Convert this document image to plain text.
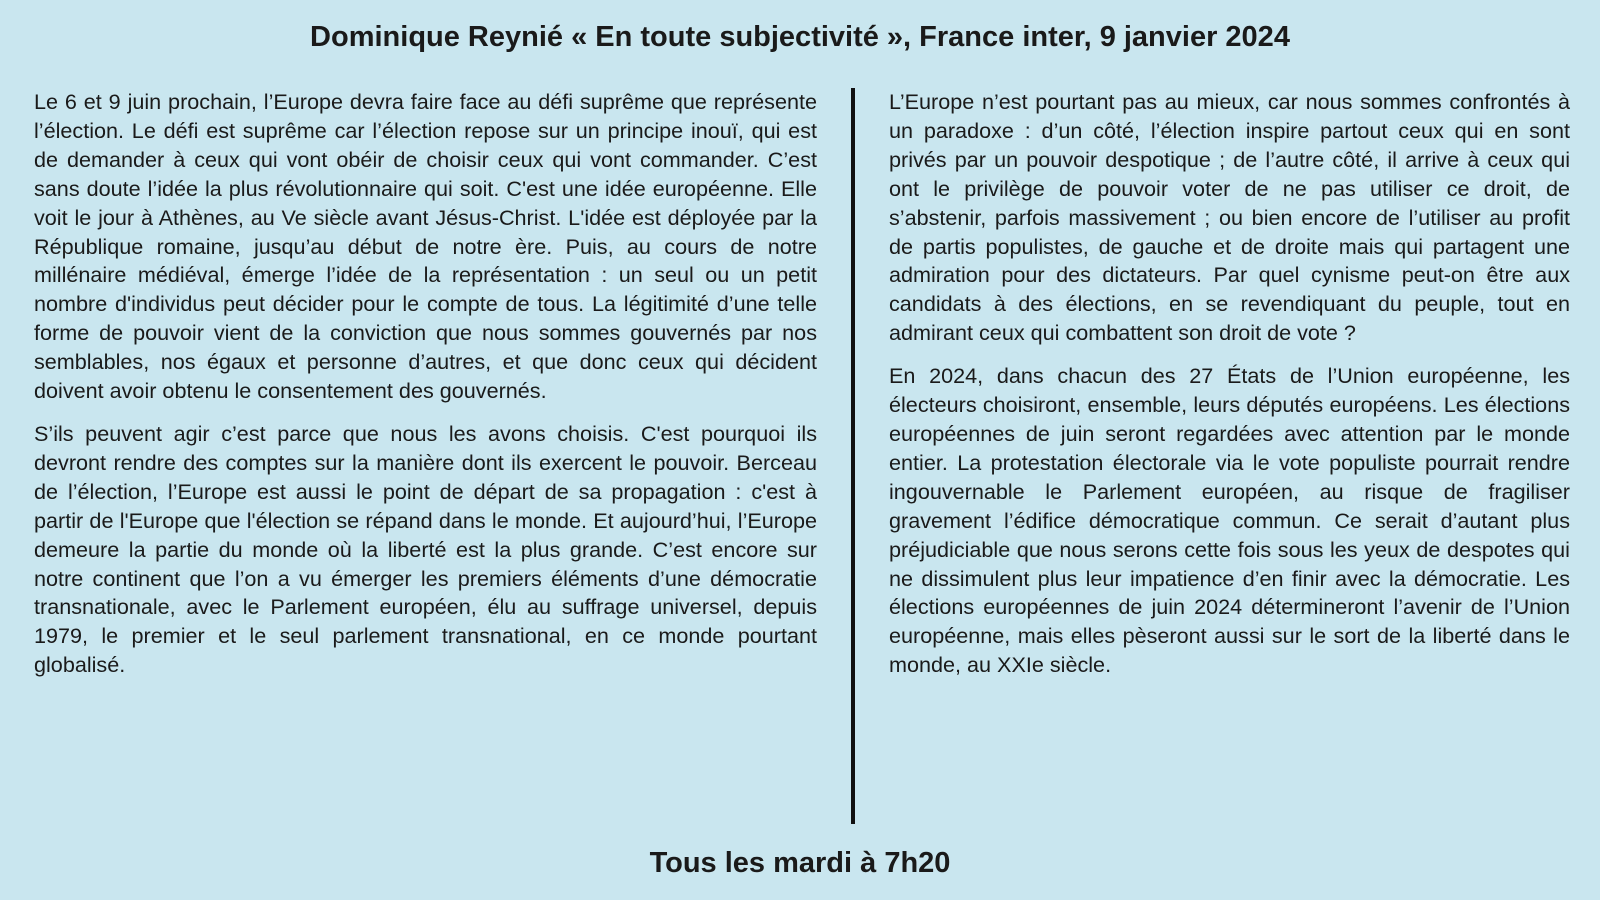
Dominique Reynié « En toute subjectivité », France inter, 9 janvier 2024

Le 6 et 9 juin prochain, l’Europe devra faire face au défi suprême que représente l’élection. Le défi est suprême car l’élection repose sur un principe inouï, qui est de demander à ceux qui vont obéir de choisir ceux qui vont commander. C’est sans doute l’idée la plus révolutionnaire qui soit. C'est une idée européenne. Elle voit le jour à Athènes, au Ve siècle avant Jésus-Christ. L'idée est déployée par la République romaine, jusqu’au début de notre ère. Puis, au cours de notre millénaire médiéval, émerge l’idée de la représentation : un seul ou un petit nombre d'individus peut décider pour le compte de tous. La légitimité d’une telle forme de pouvoir vient de la conviction que nous sommes gouvernés par nos semblables, nos égaux et personne d’autres, et que donc ceux qui décident doivent avoir obtenu le consentement des gouvernés.

S’ils peuvent agir c’est parce que nous les avons choisis. C'est pourquoi ils devront rendre des comptes sur la manière dont ils exercent le pouvoir. Berceau de l’élection, l’Europe est aussi le point de départ de sa propagation : c'est à partir de l'Europe que l'élection se répand dans le monde. Et aujourd’hui, l’Europe demeure la partie du monde où la liberté est la plus grande. C’est encore sur notre continent que l’on a vu émerger les premiers éléments d’une démocratie transnationale, avec le Parlement européen, élu au suffrage universel, depuis 1979, le premier et le seul parlement transnational, en ce monde pourtant globalisé.

L’Europe n’est pourtant pas au mieux, car nous sommes confrontés à un paradoxe : d’un côté, l’élection inspire partout ceux qui en sont privés par un pouvoir despotique ; de l’autre côté, il arrive à ceux qui ont le privilège de pouvoir voter de ne pas utiliser ce droit, de s’abstenir, parfois massivement ; ou bien encore de l’utiliser au profit de partis populistes, de gauche et de droite mais qui partagent une admiration pour des dictateurs. Par quel cynisme peut-on être aux candidats à des élections, en se revendiquant du peuple, tout en admirant ceux qui combattent son droit de vote ?

En 2024, dans chacun des 27 États de l’Union européenne, les électeurs choisiront, ensemble, leurs députés européens. Les élections européennes de juin seront regardées avec attention par le monde entier. La protestation électorale via le vote populiste pourrait rendre ingouvernable le Parlement européen, au risque de fragiliser gravement l’édifice démocratique commun. Ce serait d’autant plus préjudiciable que nous serons cette fois sous les yeux de despotes qui ne dissimulent plus leur impatience d’en finir avec la démocratie. Les élections européennes de juin 2024 détermineront l’avenir de l’Union européenne, mais elles pèseront aussi sur le sort de la liberté dans le monde, au XXIe siècle.

Tous les mardi à 7h20
